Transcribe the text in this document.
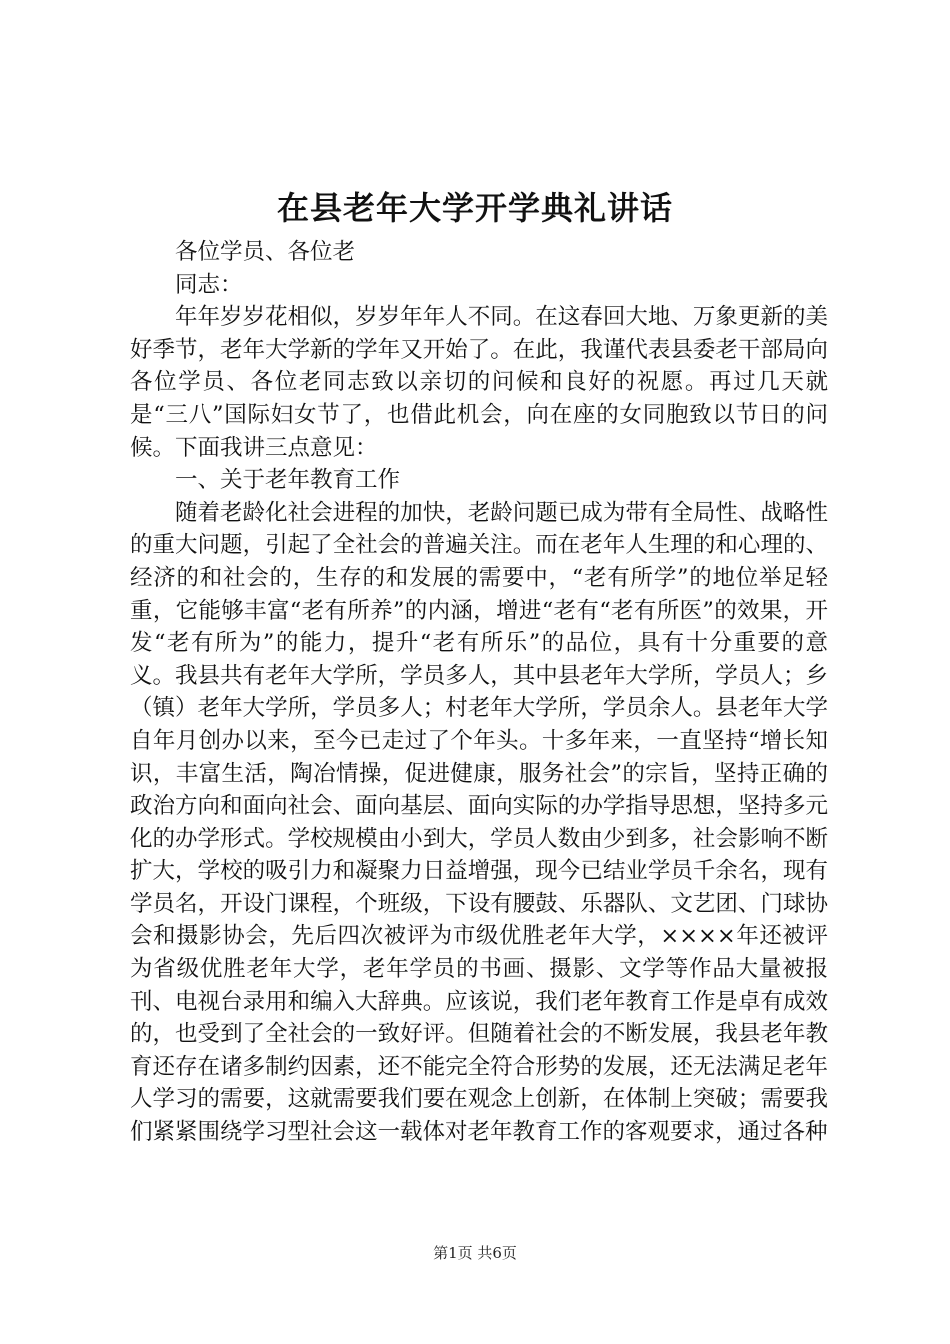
在县老年大学开学典礼讲话

各位学员、各位老

同志：

年年岁岁花相似，岁岁年年人不同。在这春回大地、万象更新的美好季节，老年大学新的学年又开始了。在此，我谨代表县委老干部局向各位学员、各位老同志致以亲切的问候和良好的祝愿。再过几天就是“三八”国际妇女节了，也借此机会，向在座的女同胞致以节日的问候。下面我讲三点意见：

一、关于老年教育工作

随着老龄化社会进程的加快，老龄问题已成为带有全局性、战略性的重大问题，引起了全社会的普遍关注。而在老年人生理的和心理的、经济的和社会的，生存的和发展的需要中，“老有所学”的地位举足轻重，它能够丰富“老有所养”的内涵，增进“老有“老有所医”的效果，开发“老有所为”的能力，提升“老有所乐”的品位，具有十分重要的意义。我县共有老年大学所，学员多人，其中县老年大学所，学员人；乡（镇）老年大学所，学员多人；村老年大学所，学员余人。县老年大学自年月创办以来，至今已走过了个年头。十多年来，一直坚持“增长知识，丰富生活，陶冶情操，促进健康，服务社会”的宗旨，坚持正确的政治方向和面向社会、面向基层、面向实际的办学指导思想，坚持多元化的办学形式。学校规模由小到大，学员人数由少到多，社会影响不断扩大，学校的吸引力和凝聚力日益增强，现今已结业学员千余名，现有学员名，开设门课程，个班级，下设有腰鼓、乐器队、文艺团、门球协会和摄影协会，先后四次被评为市级优胜老年大学，××××年还被评为省级优胜老年大学，老年学员的书画、摄影、文学等作品大量被报刊、电视台录用和编入大辞典。应该说，我们老年教育工作是卓有成效的，也受到了全社会的一致好评。但随着社会的不断发展，我县老年教育还存在诸多制约因素，还不能完全符合形势的发展，还无法满足老年人学习的需要，这就需要我们要在观念上创新，在体制上突破；需要我们紧紧围绕学习型社会这一载体对老年教育工作的客观要求，通过各种

第1页 共6页
